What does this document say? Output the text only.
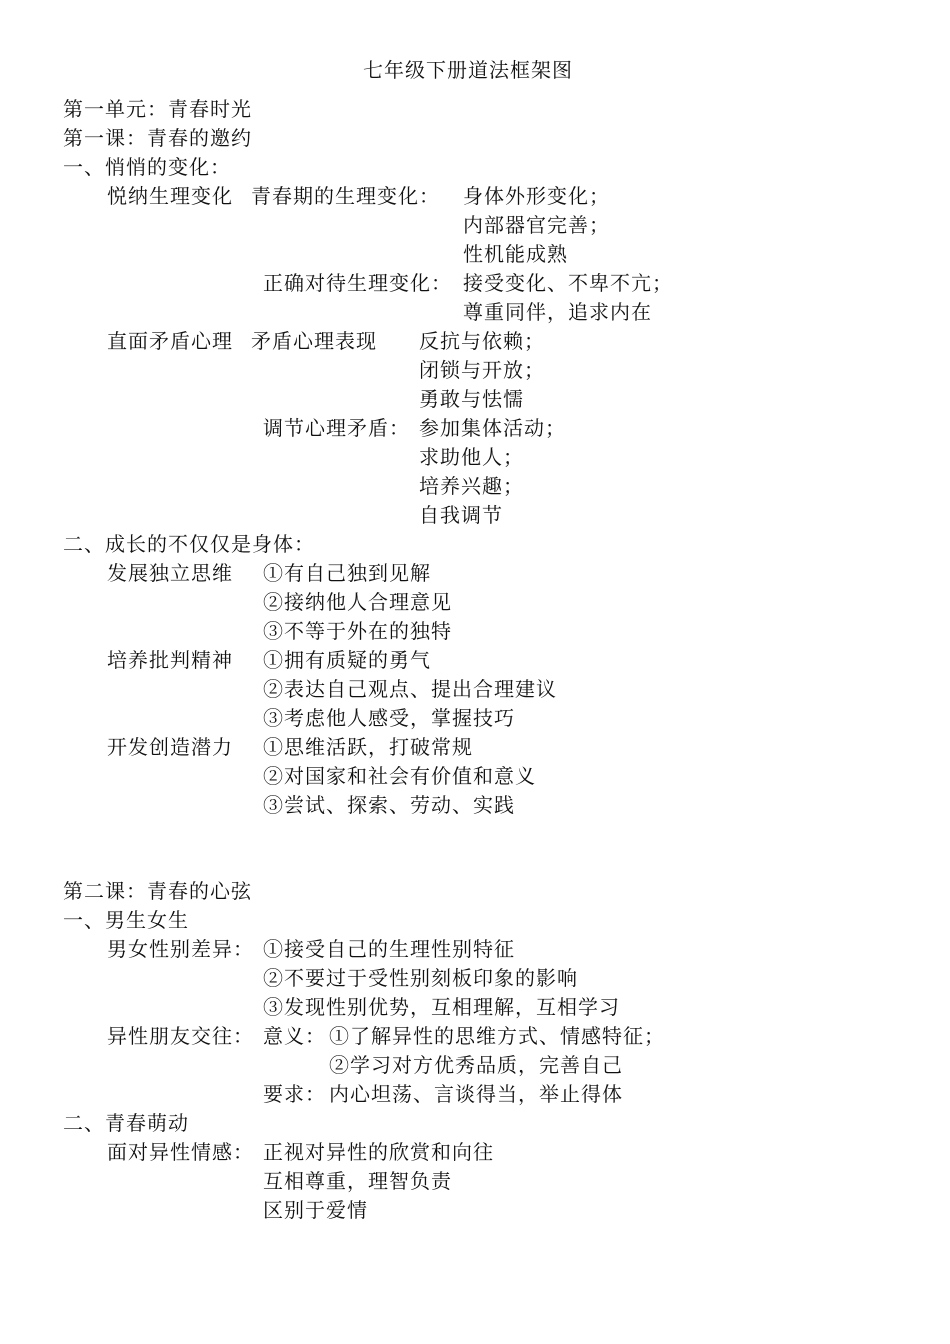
七年级下册道法框架图
第一单元：青春时光
第一课：青春的邀约
一、悄悄的变化：
悦纳生理变化 青春期的生理变化： 身体外形变化；
内部器官完善；
性机能成熟
正确对待生理变化： 接受变化、不卑不亢；
尊重同伴，追求内在
直面矛盾心理 矛盾心理表现 反抗与依赖；
闭锁与开放；
勇敢与怯懦
调节心理矛盾： 参加集体活动；
求助他人；
培养兴趣；
自我调节
二、成长的不仅仅是身体：
发展独立思维 ①有自己独到见解
②接纳他人合理意见
③不等于外在的独特
培养批判精神 ①拥有质疑的勇气
②表达自己观点、提出合理建议
③考虑他人感受，掌握技巧
开发创造潜力 ①思维活跃，打破常规
②对国家和社会有价值和意义
③尝试、探索、劳动、实践
第二课：青春的心弦
一、男生女生
男女性别差异： ①接受自己的生理性别特征
②不要过于受性别刻板印象的影响
③发现性别优势，互相理解，互相学习
异性朋友交往： 意义： ①了解异性的思维方式、情感特征；
②学习对方优秀品质，完善自己
要求： 内心坦荡、言谈得当，举止得体
二、青春萌动
面对异性情感： 正视对异性的欣赏和向往
互相尊重，理智负责
区别于爱情
